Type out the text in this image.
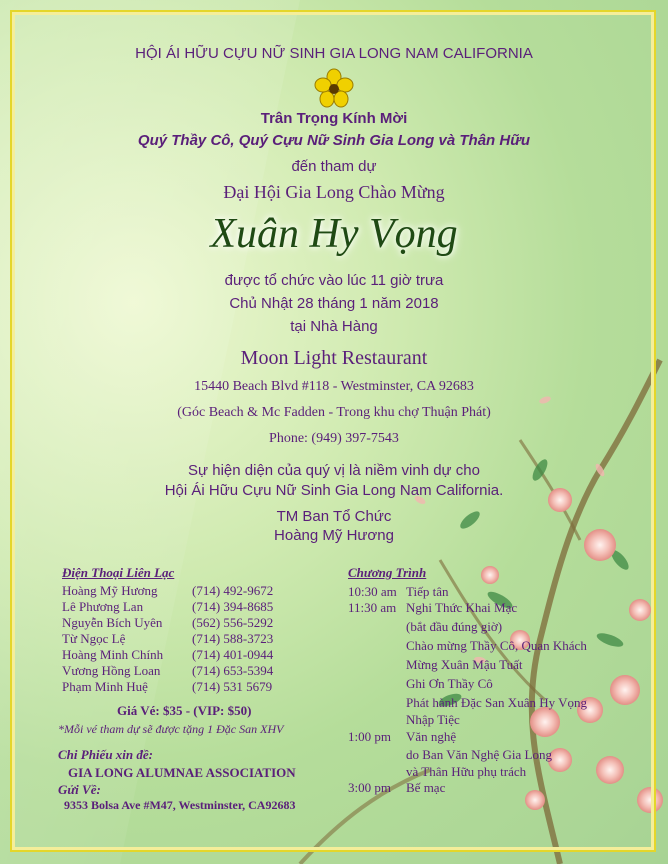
HỘI ÁI HỮU CỰU NỮ SINH GIA LONG NAM CALIFORNIA

Trân Trọng Kính Mời

Quý Thầy Cô, Quý Cựu Nữ Sinh Gia Long và Thân Hữu

đến tham dự

Đại Hội Gia Long Chào Mừng

Xuân Hy Vọng

được tổ chức vào lúc 11 giờ trưa

Chủ Nhật 28 tháng 1 năm 2018

tại Nhà Hàng

Moon Light Restaurant

15440 Beach Blvd #118 - Westminster, CA 92683

(Góc Beach & Mc Fadden - Trong khu chợ Thuận Phát)

Phone: (949) 397-7543

Sự hiện diện của quý vị là niềm vinh dự cho

Hội Ái Hữu Cựu Nữ Sinh Gia Long Nam California.

TM Ban Tổ Chức

Hoàng Mỹ Hương

Điện Thoại Liên Lạc

Hoàng Mỹ Hương	(714) 492-9672
Lê Phương Lan	(714) 394-8685
Nguyễn Bích Uyên (562) 556-5292
Từ Ngọc Lệ	(714) 588-3723
Hoàng Minh Chính (714) 401-0944
Vương Hồng Loan (714) 653-5394
Phạm Minh Huệ	(714) 531 5679

Giá Vé: $35 - (VIP: $50)

*Mỗi vé tham dự sẽ được tặng 1 Đặc San XHV

Chi Phiếu xin đề:

GIA LONG ALUMNAE ASSOCIATION

Gửi Về:

9353 Bolsa Ave #M47, Westminster, CA92683

Chương Trình

10:30 am Tiếp tân
11:30 am Nghi Thức Khai Mạc
(bắt đầu đúng giờ)
Chào mừng Thầy Cô, Quan Khách
Mừng Xuân Mậu Tuất
Ghi Ơn Thầy Cô
Phát hành Đặc San Xuân Hy Vọng
Nhập Tiệc
1:00 pm Văn nghệ
do Ban Văn Nghệ Gia Long
và Thân Hữu phụ trách
3:00 pm Bế mạc
